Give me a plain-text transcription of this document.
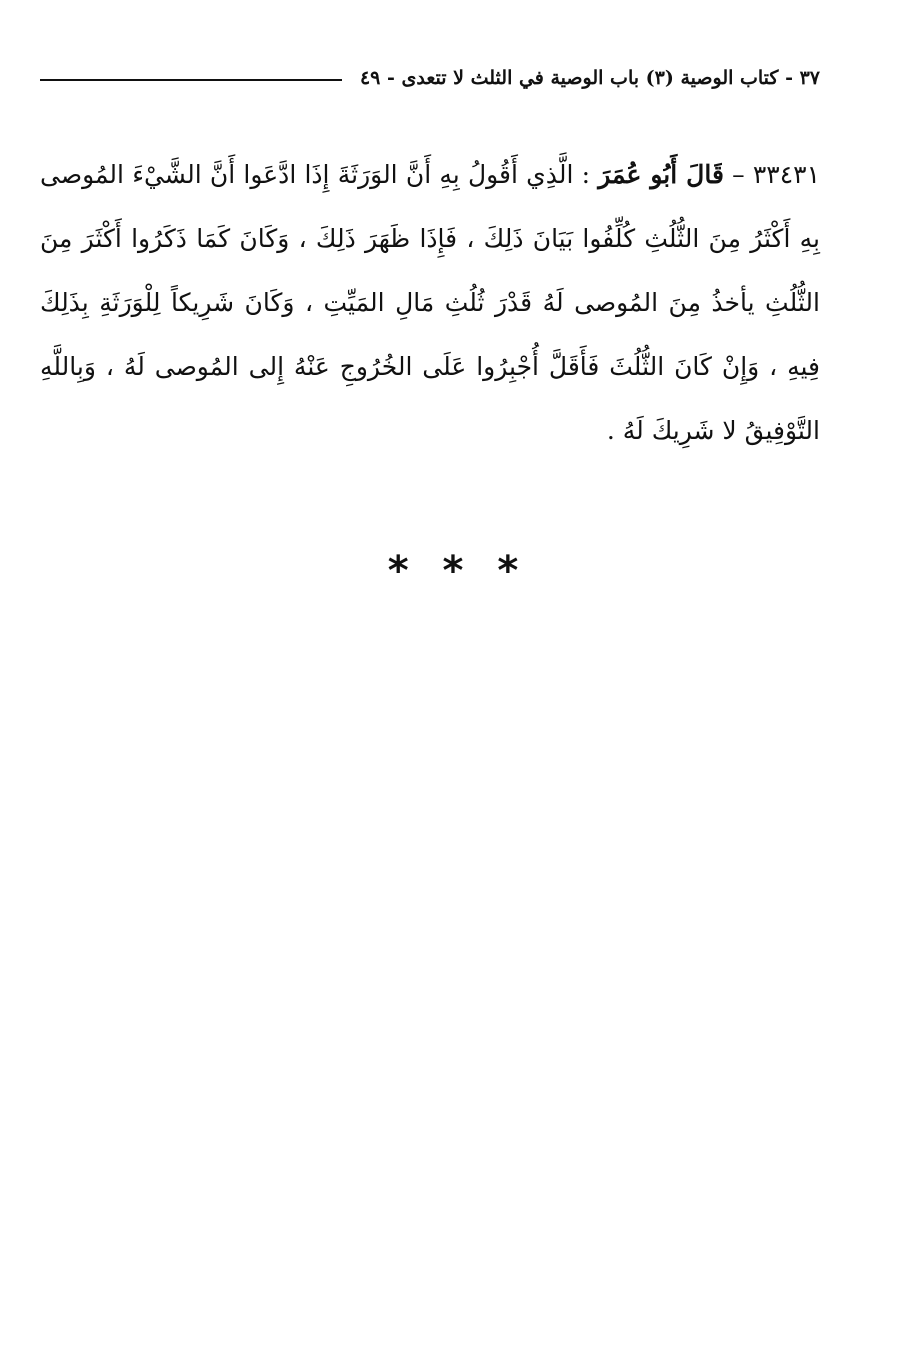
٣٧ - كتاب الوصية (٣) باب الوصية في الثلث لا تتعدى - ٤٩

٣٣٤٣١ – قَالَ أَبُو عُمَرَ : الَّذِي أَقُولُ بِهِ أَنَّ الوَرَثَةَ إِذَا ادَّعَوا أَنَّ الشَّيْءَ المُوصى بِهِ أَكْثَرُ مِنَ الثُّلُثِ كُلِّفُوا بَيَانَ ذَلِكَ ، فَإِذَا ظَهَرَ ذَلِكَ ، وَكَانَ كَمَا ذَكَرُوا أَكْثَرَ مِنَ الثُّلُثِ يأخذُ مِنَ المُوصى لَهُ قَدْرَ ثُلُثِ مَالِ المَيِّتِ ، وَكَانَ شَرِيكاً لِلْوَرَثَةِ بِذَلِكَ فِيهِ ، وَإِنْ كَانَ الثُّلُثَ فَأَقَلَّ أُجْبِرُوا عَلَى الخُرُوجِ عَنْهُ إِلى المُوصى لَهُ ، وَبِاللَّهِ التَّوْفِيقُ لا شَرِيكَ لَهُ .

* * *
